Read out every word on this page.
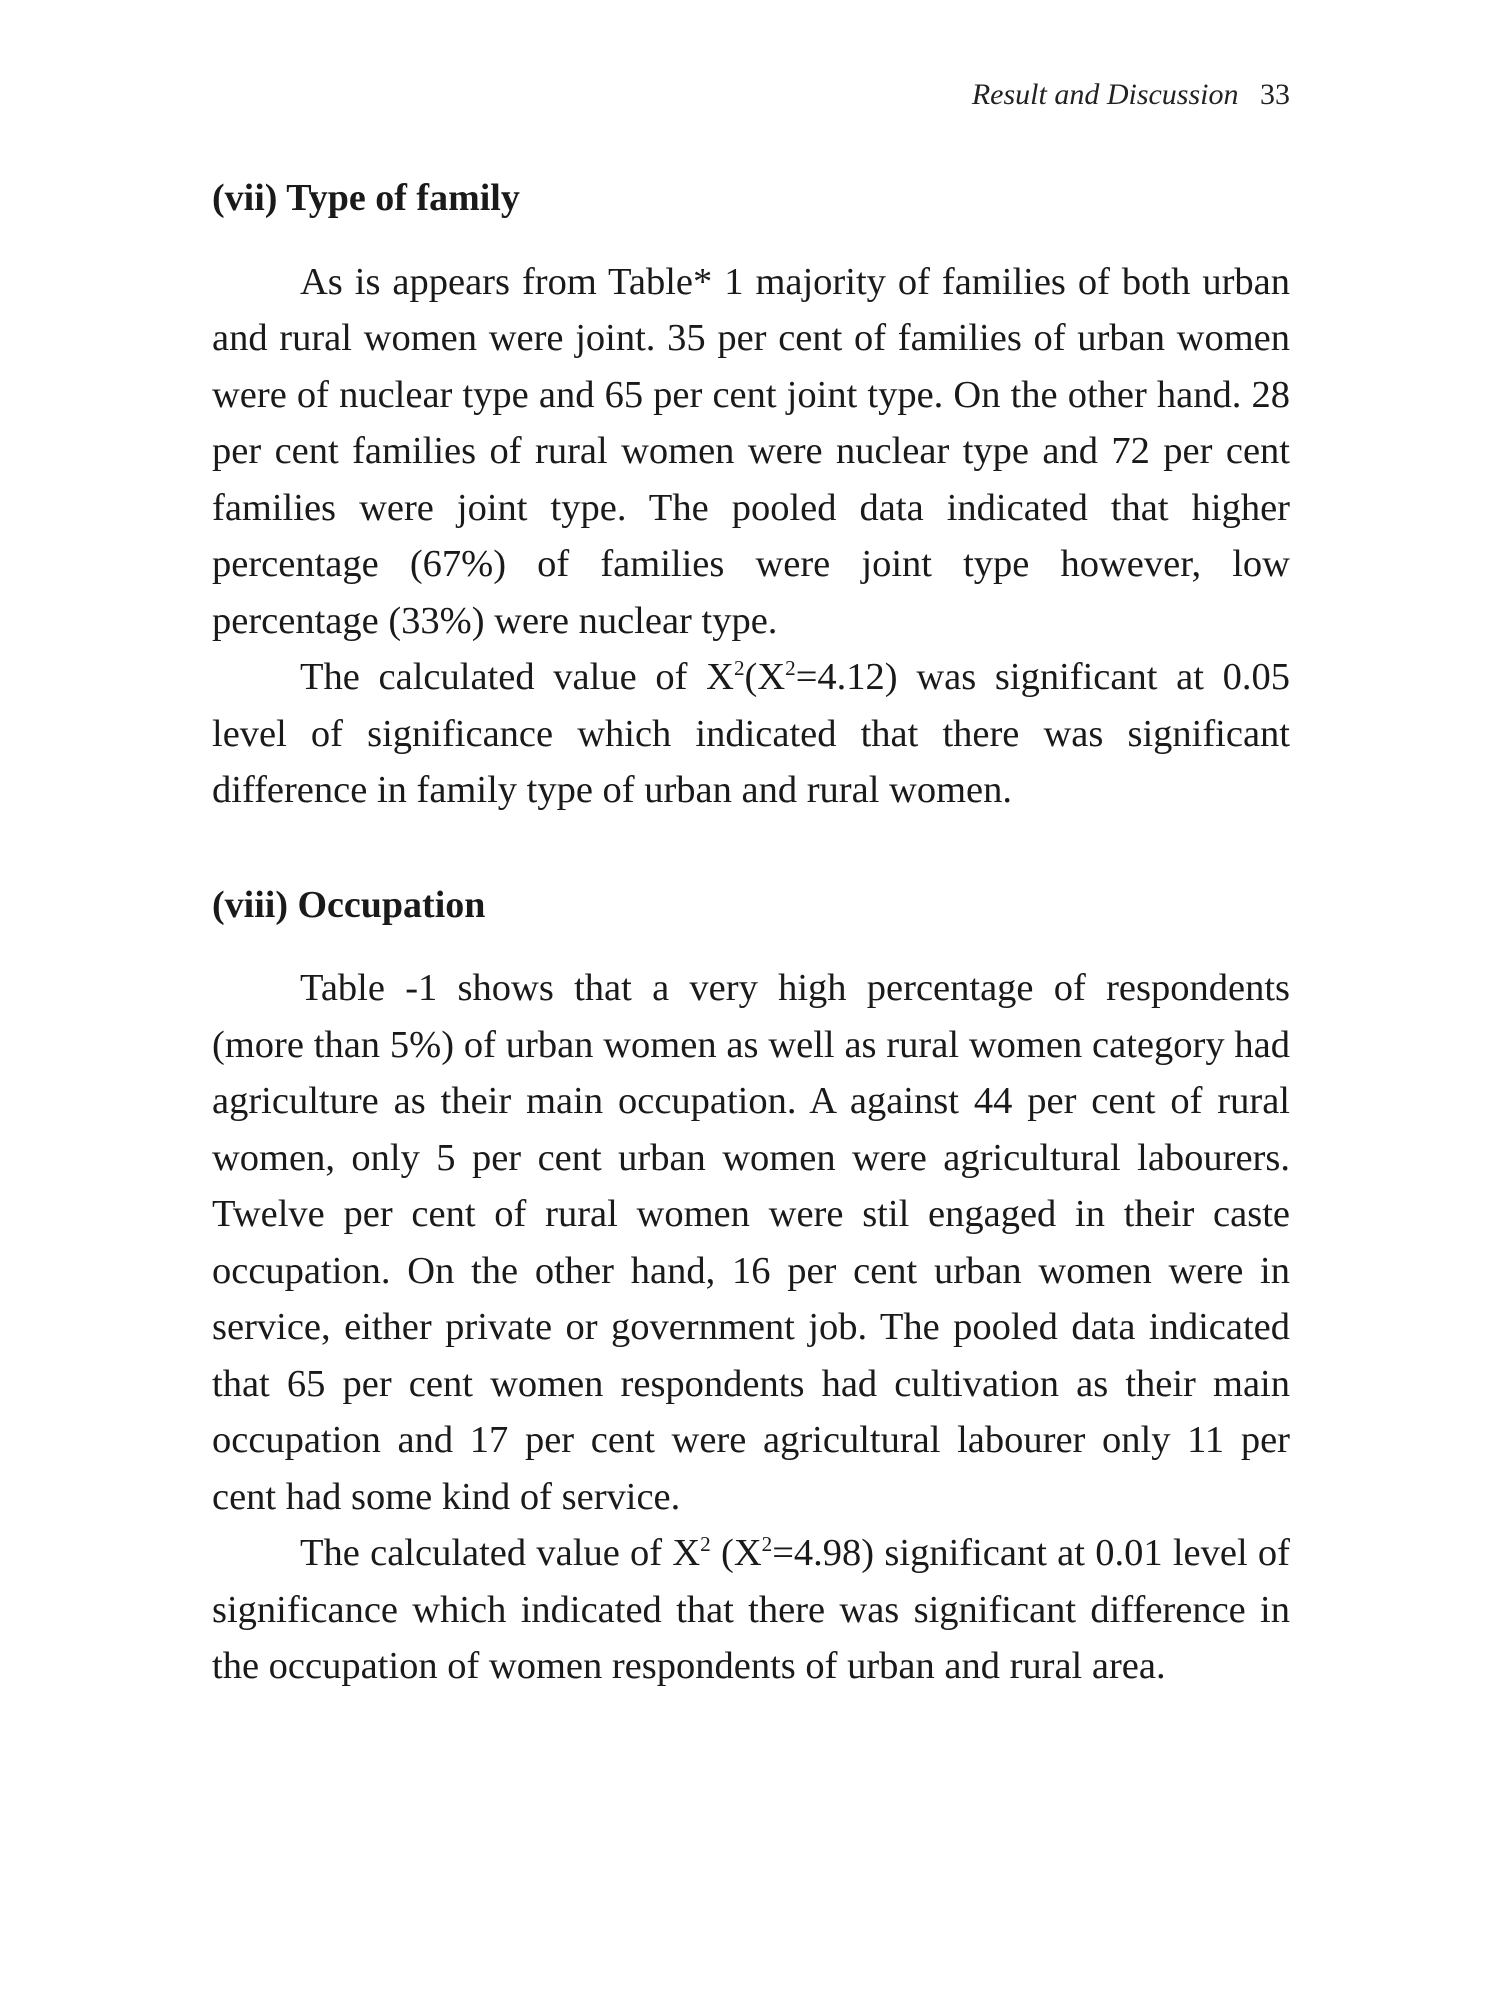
Result and Discussion 33
(vii) Type of family

As is appears from Table* 1 majority of families of both urban and rural women were joint. 35 per cent of families of urban women were of nuclear type and 65 per cent joint type. On the other hand. 28 per cent families of rural women were nuclear type and 72 per cent families were joint type. The pooled data indicated that higher percentage (67%) of families were joint type however, low percentage (33%) were nuclear type.

The calculated value of $X^2(X^2=4.12)$ was significant at 0.05 level of significance which indicated that there was significant difference in family type of urban and rural women.

(viii) Occupation

Table -1 shows that a very high percentage of respondents (more than 5%) of urban women as well as rural women category had agriculture as their main occupation. A against 44 per cent of rural women, only 5 per cent urban women were agricultural labourers. Twelve per cent of rural women were stil engaged in their caste occupation. On the other hand, 16 per cent urban women were in service, either private or government job. The pooled data indicated that 65 per cent women respondents had cultivation as their main occupation and 17 per cent were agricultural labourer only 11 per cent had some kind of service.

The calculated value of $X^2$ $(X^2=4.98)$ significant at 0.01 level of significance which indicated that there was significant difference in the occupation of women respondents of urban and rural area.
